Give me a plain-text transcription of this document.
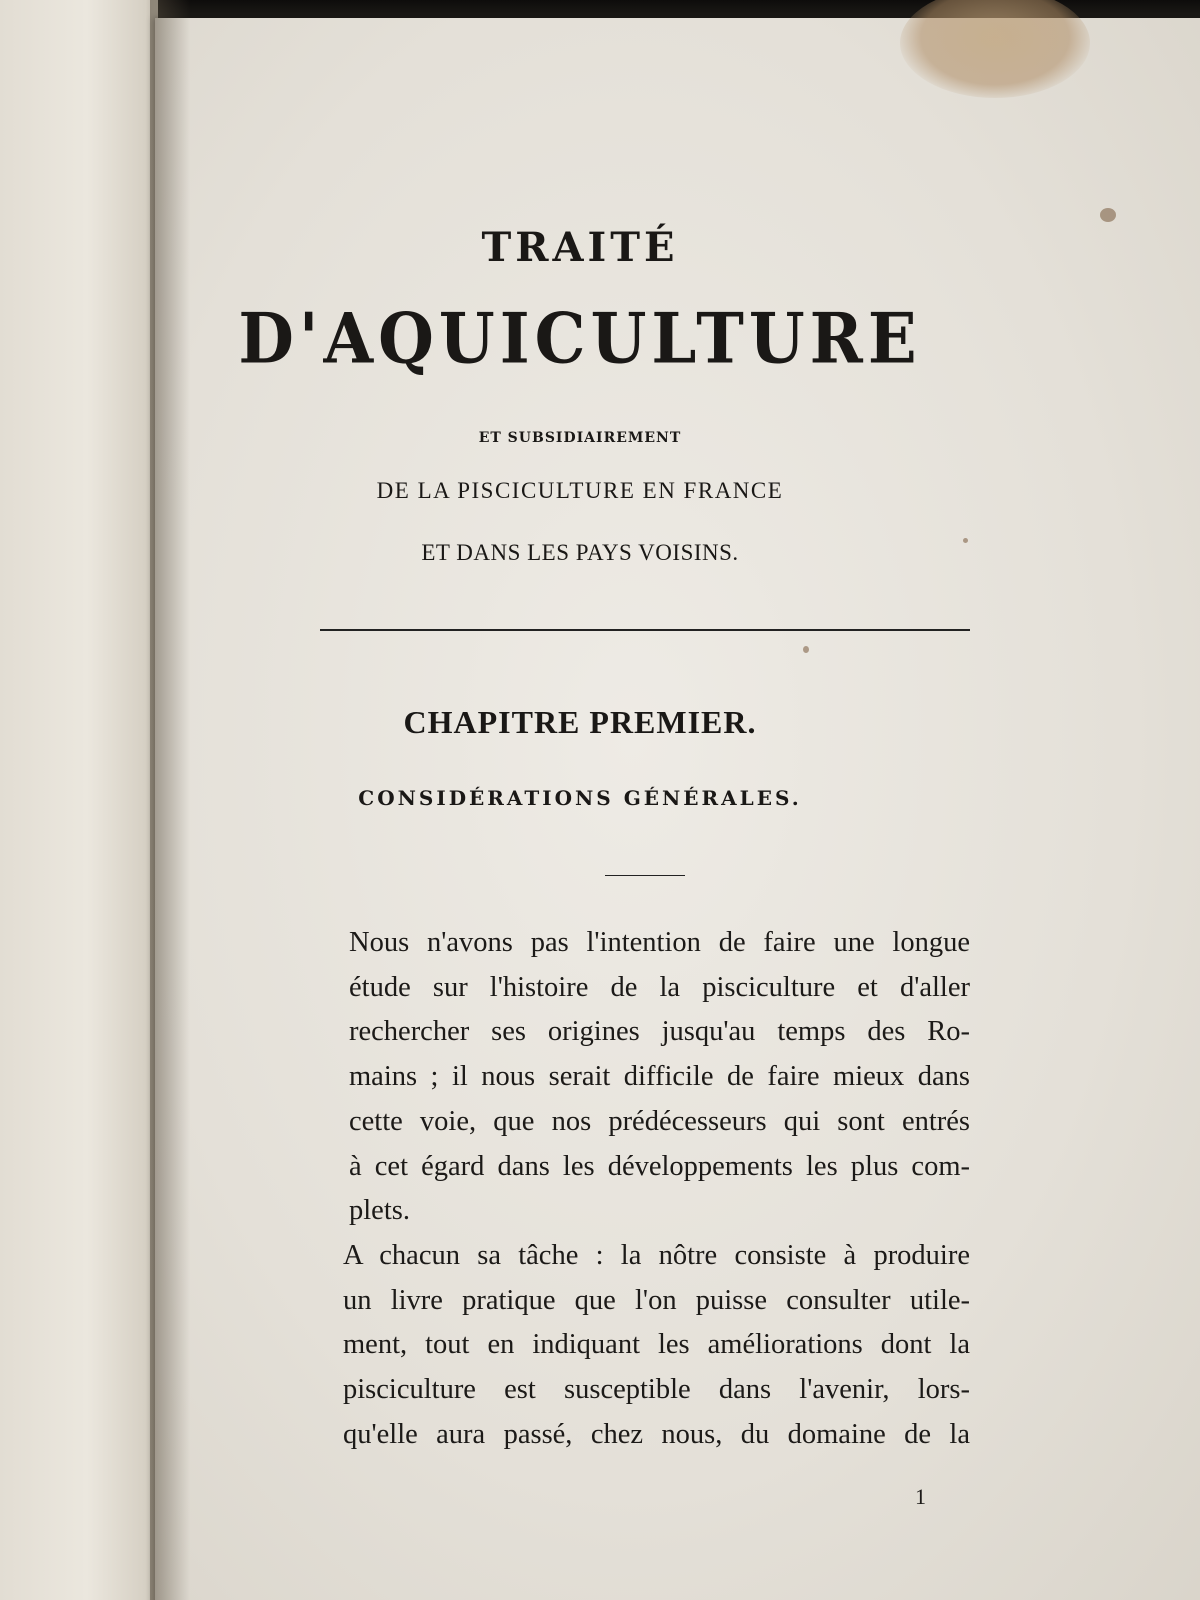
TRAITÉ
D'AQUICULTURE
ET SUBSIDIAIREMENT
DE LA PISCICULTURE EN FRANCE
ET DANS LES PAYS VOISINS.
CHAPITRE PREMIER.
CONSIDÉRATIONS GÉNÉRALES.

Nous n'avons pas l'intention de faire une longue
étude sur l'histoire de la pisciculture et d'aller
rechercher ses origines jusqu'au temps des Ro-
mains ; il nous serait difficile de faire mieux dans
cette voie, que nos prédécesseurs qui sont entrés
à cet égard dans les développements les plus com-
plets.

A chacun sa tâche : la nôtre consiste à produire
un livre pratique que l'on puisse consulter utile-
ment, tout en indiquant les améliorations dont la
pisciculture est susceptible dans l'avenir, lors-
qu'elle aura passé, chez nous, du domaine de la

1
